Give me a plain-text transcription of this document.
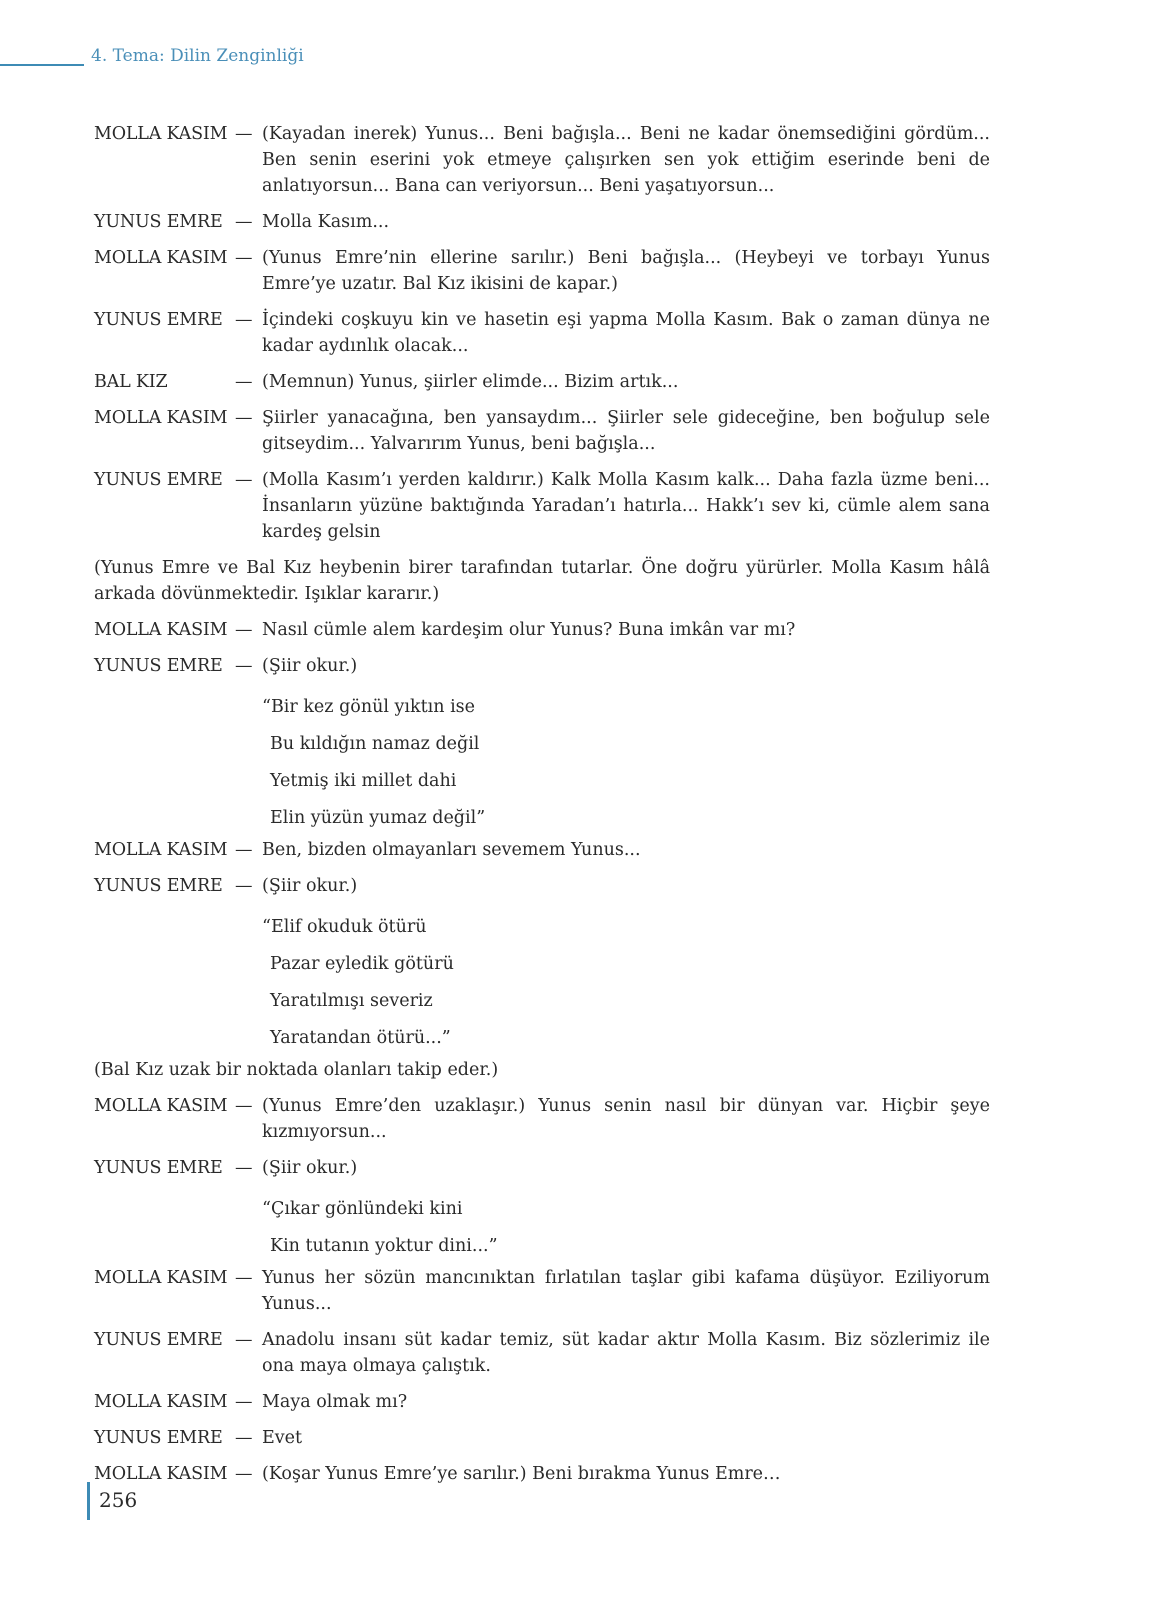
4. Tema: Dilin Zenginliği
MOLLA KASIM — (Kayadan inerek) Yunus... Beni bağışla... Beni ne kadar önemsediğini gördüm... Ben senin eserini yok etmeye çalışırken sen yok ettiğim eserinde beni de anlatıyorsun... Bana can veriyorsun... Beni yaşatıyorsun...
YUNUS EMRE — Molla Kasım...
MOLLA KASIM — (Yunus Emre’nin ellerine sarılır.) Beni bağışla... (Heybeyi ve torbayı Yunus Emre’ye uzatır. Bal Kız ikisini de kapar.)
YUNUS EMRE — İçindeki coşkuyu kin ve hasetin eşi yapma Molla Kasım. Bak o zaman dünya ne kadar aydınlık olacak...
BAL KIZ	— (Memnun) Yunus, şiirler elimde... Bizim artık...
MOLLA KASIM — Şiirler yanacağına, ben yansaydım... Şiirler sele gideceğine, ben boğulup sele gitseydim... Yalvarırım Yunus, beni bağışla...
YUNUS EMRE — (Molla Kasım’ı yerden kaldırır.) Kalk Molla Kasım kalk... Daha fazla üzme beni... İnsanların yüzüne baktığında Yaradan’ı hatırla... Hakk’ı sev ki, cümle alem sana kardeş gelsin
(Yunus Emre ve Bal Kız heybenin birer tarafından tutarlar. Öne doğru yürürler. Molla Kasım hâlâ arkada dövünmektedir. Işıklar kararır.)
MOLLA KASIM — Nasıl cümle alem kardeşim olur Yunus? Buna imkân var mı?
YUNUS EMRE — (Şiir okur.)
“Bir kez gönül yıktın ise
Bu kıldığın namaz değil
Yetmiş iki millet dahi
Elin yüzün yumaz değil”
MOLLA KASIM — Ben, bizden olmayanları sevemem Yunus...
YUNUS EMRE — (Şiir okur.)
“Elif okuduk ötürü
Pazar eyledik götürü
Yaratılmışı severiz
Yaratandan ötürü...”
(Bal Kız uzak bir noktada olanları takip eder.)
MOLLA KASIM — (Yunus Emre’den uzaklaşır.) Yunus senin nasıl bir dünyan var. Hiçbir şeye kızmıyorsun...
YUNUS EMRE — (Şiir okur.)
“Çıkar gönlündeki kini
Kin tutanın yoktur dini...”
MOLLA KASIM — Yunus her sözün mancınıktan fırlatılan taşlar gibi kafama düşüyor. Eziliyorum Yunus...
YUNUS EMRE — Anadolu insanı süt kadar temiz, süt kadar aktır Molla Kasım. Biz sözlerimiz ile ona maya olmaya çalıştık.
MOLLA KASIM — Maya olmak mı?
YUNUS EMRE — Evet
MOLLA KASIM — (Koşar Yunus Emre’ye sarılır.) Beni bırakma Yunus Emre…
256
